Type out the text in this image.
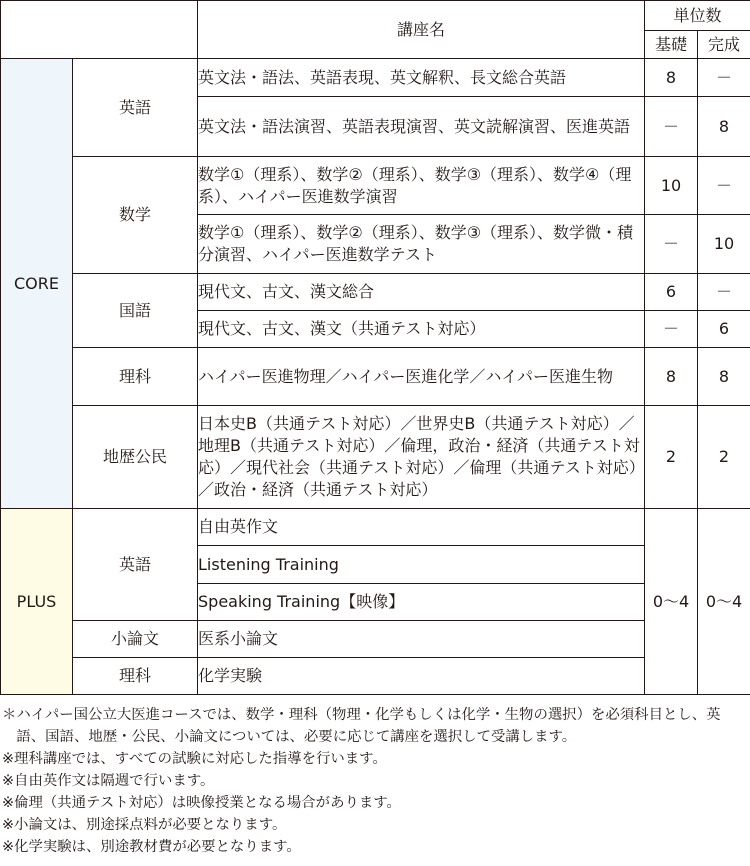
		講座名	単位数	
			基礎	完成
CORE	英語	英文法・語法、英語表現、英文解釈、長文総合英語	8	－
		英文法・語法演習、英語表現演習、英文読解演習、医進英語	－	8
	数学	数学①（理系）、数学②（理系）、数学③（理系）、数学④（理系）、ハイパー医進数学演習	10	－
		数学①（理系）、数学②（理系）、数学③（理系）、数学微・積分演習、ハイパー医進数学テスト	－	10
	国語	現代文、古文、漢文総合	6	－
		現代文、古文、漢文（共通テスト対応）	－	6
	理科	ハイパー医進物理／ハイパー医進化学／ハイパー医進生物	8	8
	地歴公民	日本史B（共通テスト対応）／世界史B（共通テスト対応）／地理B（共通テスト対応）／倫理，政治・経済（共通テスト対応）／現代社会（共通テスト対応）／倫理（共通テスト対応）／政治・経済（共通テスト対応）	2	2
PLUS	英語	自由英作文	0～4	0～4
		Listening Training		
		Speaking Training【映像】		
	小論文	医系小論文		
	理科	化学実験		
＊ハイパー国公立大医進コースでは、数学・理科（物理・化学もしくは化学・生物の選択）を必須科目とし、英語、国語、地歴・公民、小論文については、必要に応じて講座を選択して受講します。
※理科講座では、すべての試験に対応した指導を行います。
※自由英作文は隔週で行います。
※倫理（共通テスト対応）は映像授業となる場合があります。
※小論文は、別途採点料が必要となります。
※化学実験は、別途教材費が必要となります。
